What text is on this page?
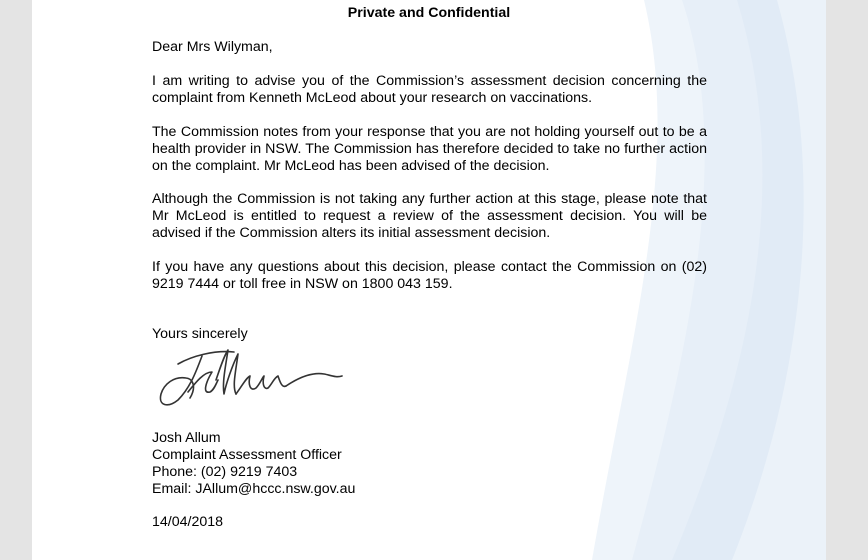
Private and Confidential
Dear Mrs Wilyman,
I am writing to advise you of the Commission’s assessment decision concerning the complaint from Kenneth McLeod about your research on vaccinations.
The Commission notes from your response that you are not holding yourself out to be a health provider in NSW. The Commission has therefore decided to take no further action on the complaint. Mr McLeod has been advised of the decision.
Although the Commission is not taking any further action at this stage, please note that Mr McLeod is entitled to request a review of the assessment decision. You will be advised if the Commission alters its initial assessment decision.
If you have any questions about this decision, please contact the Commission on (02) 9219 7444 or toll free in NSW on 1800 043 159.
Yours sincerely
Josh Allum
Complaint Assessment Officer
Phone: (02) 9219 7403
Email: JAllum@hccc.nsw.gov.au
14/04/2018
